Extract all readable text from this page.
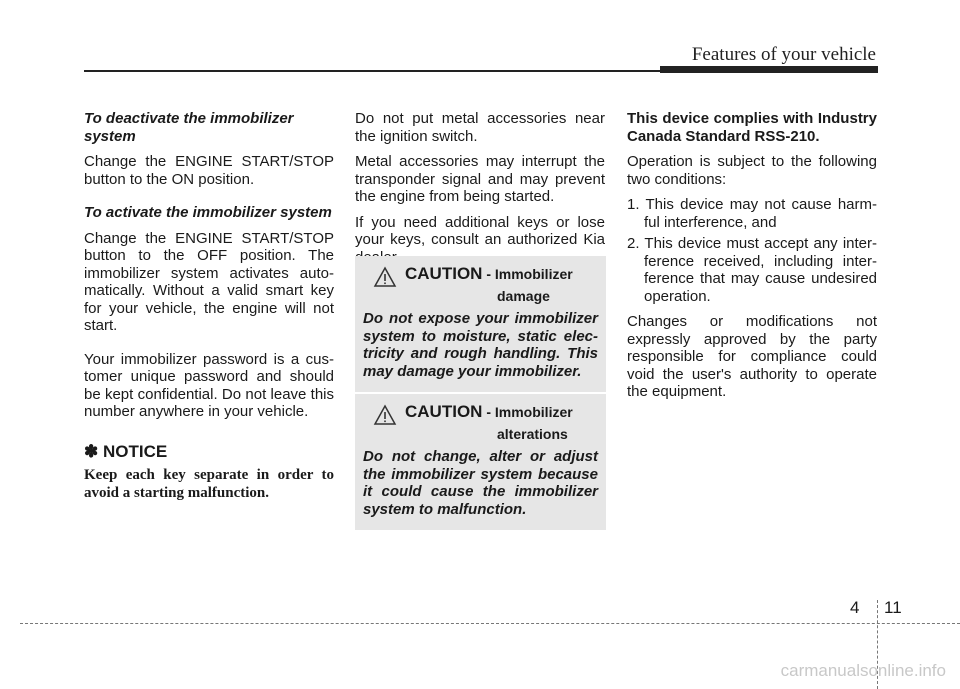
Features of your vehicle
To deactivate the immobilizer system

Change the ENGINE START/STOP button to the ON position.

To activate the immobilizer system

Change the ENGINE START/STOP button to the OFF position. The immobilizer system activates auto- matically. Without a valid smart key for your vehicle, the engine will not start.

Your immobilizer password is a cus- tomer unique password and should be kept confidential. Do not leave this number anywhere in your vehicle.

✽ NOTICE

Keep each key separate in order to avoid a starting malfunction.

Do not put metal accessories near the ignition switch.

Metal accessories may interrupt the transponder signal and may prevent the engine from being started.

If you need additional keys or lose your keys, consult an authorized Kia

CAUTION - Immobilizer
damage

Do not expose your immobilizer system to moisture, static elec- tricity and rough handling. This may damage your immobilizer.

CAUTION - Immobilizer
alterations

Do not change, alter or adjust the immobilizer system because it could cause the immobilizer system to malfunction.

This device complies with Industry Canada Standard RSS-210.

Operation is subject to the following two conditions:

1. This device may not cause harm- ful interference, and
2. This device must accept any inter- ference received, including inter- ference that may cause undesired operation.

Changes or modifications not expressly approved by the party responsible for compliance could void the user's authority to operate the equipment.

4 11
carmanualsonline.info
